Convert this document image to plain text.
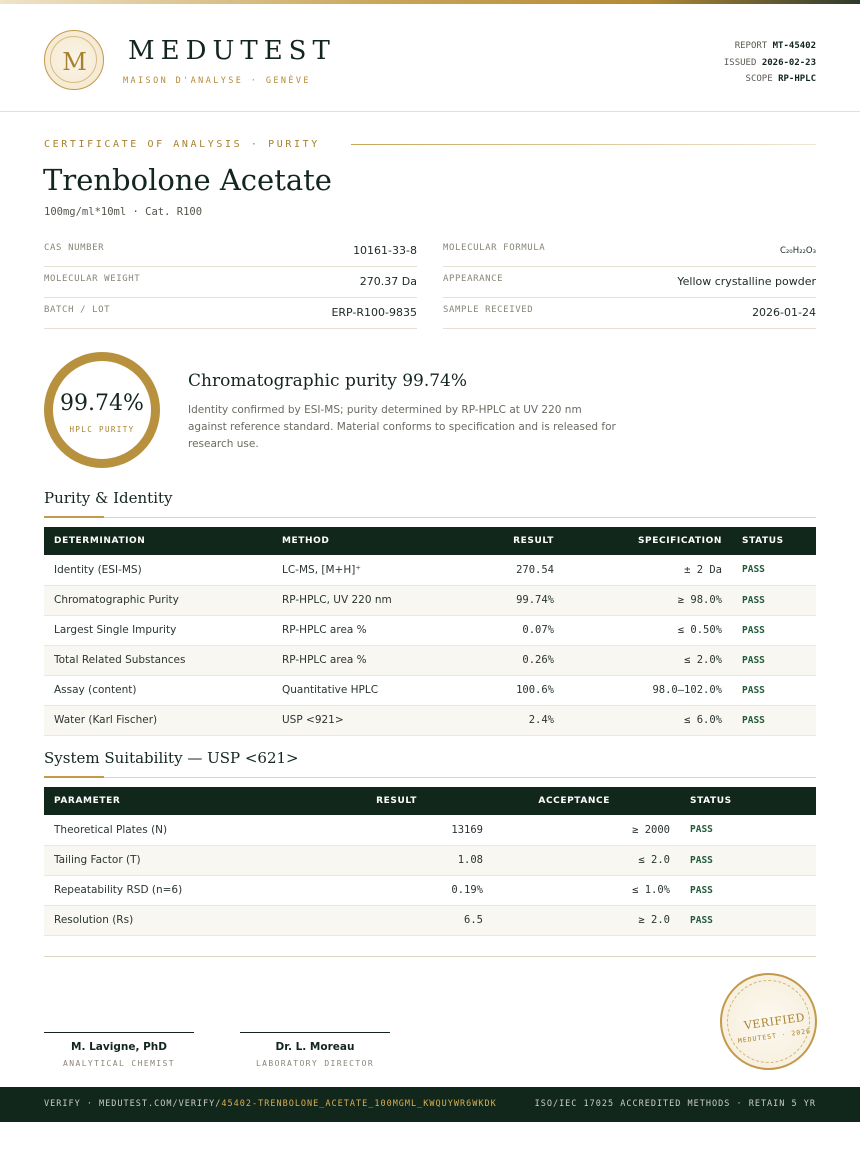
M	MEDUTEST
MAISON D'ANALYSE · GENÈVE
REPORT MT-45402
ISSUED 2026-02-23
SCOPE RP-HPLC
CERTIFICATE OF ANALYSIS · PURITY
Trenbolone Acetate
100mg/ml*10ml · Cat. R100
CAS NUMBER	10161-33-8	MOLECULAR FORMULA	C₂₀H₂₂O₃
MOLECULAR WEIGHT	270.37 Da	APPEARANCE	Yellow crystalline powder
BATCH / LOT	ERP-R100-9835	SAMPLE RECEIVED	2026-01-24
99.74%
HPLC PURITY
Chromatographic purity 99.74%
Identity confirmed by ESI-MS; purity determined by RP-HPLC at UV 220 nm against reference standard. Material conforms to specification and is released for research use.
Purity & Identity
DETERMINATION	METHOD	RESULT	SPECIFICATION	STATUS
Identity (ESI-MS)	LC-MS, [M+H]⁺	270.54	± 2 Da	PASS
Chromatographic Purity	RP-HPLC, UV 220 nm	99.74%	≥ 98.0%	PASS
Largest Single Impurity	RP-HPLC area %	0.07%	≤ 0.50%	PASS
Total Related Substances	RP-HPLC area %	0.26%	≤ 2.0%	PASS
Assay (content)	Quantitative HPLC	100.6%	98.0–102.0%	PASS
Water (Karl Fischer)	USP <921>	2.4%	≤ 6.0%	PASS
System Suitability — USP <621>
PARAMETER	RESULT	ACCEPTANCE	STATUS
Theoretical Plates (N)	13169	≥ 2000	PASS
Tailing Factor (T)	1.08	≤ 2.0	PASS
Repeatability RSD (n=6)	0.19%	≤ 1.0%	PASS
Resolution (Rs)	6.5	≥ 2.0	PASS
M. Lavigne, PhD
ANALYTICAL CHEMIST
Dr. L. Moreau
LABORATORY DIRECTOR
VERIFIED
MEDUTEST · 2026
VERIFY · MEDUTEST.COM/VERIFY/45402-TRENBOLONE_ACETATE_100MGML_KWQUYWR6WKDK	ISO/IEC 17025 ACCREDITED METHODS · RETAIN 5 YR
